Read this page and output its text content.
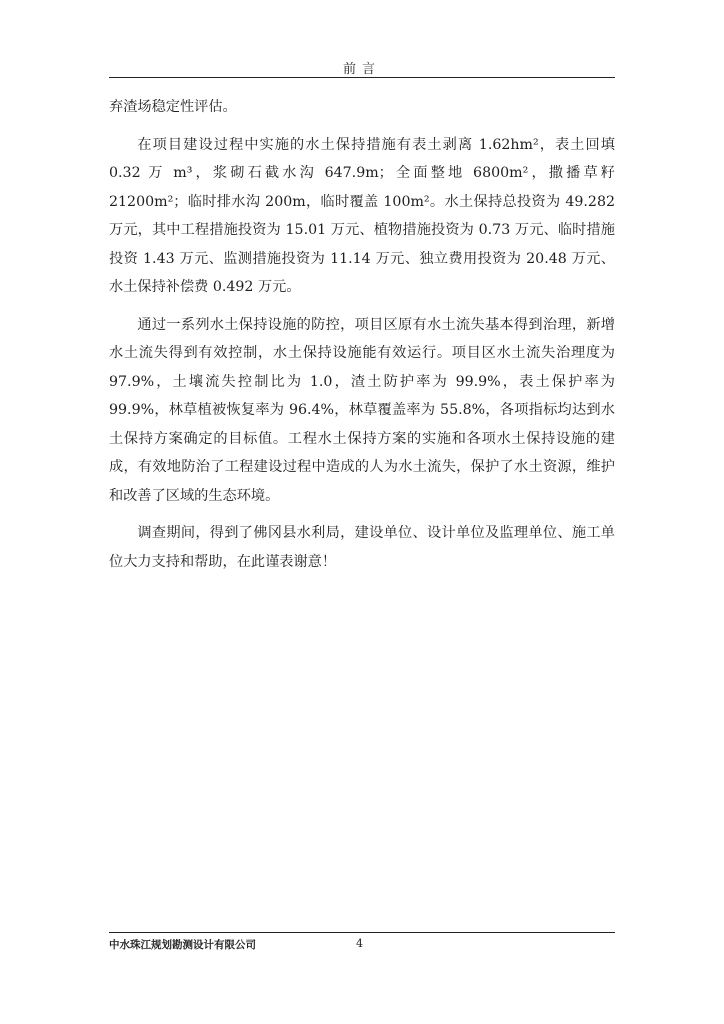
前言

弃渣场稳定性评估。

在项目建设过程中实施的水土保持措施有表土剥离 1.62hm²，表土回填 0.32 万 m³，浆砌石截水沟 647.9m；全面整地 6800m²，撒播草籽 21200m²；临时排水沟 200m，临时覆盖 100m²。水土保持总投资为 49.282 万元，其中工程措施投资为 15.01 万元、植物措施投资为 0.73 万元、临时措施投资 1.43 万元、监测措施投资为 11.14 万元、独立费用投资为 20.48 万元、水土保持补偿费 0.492 万元。

通过一系列水土保持设施的防控，项目区原有水土流失基本得到治理，新增水土流失得到有效控制，水土保持设施能有效运行。项目区水土流失治理度为 97.9%，土壤流失控制比为 1.0，渣土防护率为 99.9%，表土保护率为 99.9%，林草植被恢复率为 96.4%，林草覆盖率为 55.8%，各项指标均达到水土保持方案确定的目标值。工程水土保持方案的实施和各项水土保持设施的建成，有效地防治了工程建设过程中造成的人为水土流失，保护了水土资源，维护和改善了区域的生态环境。

调查期间，得到了佛冈县水利局，建设单位、设计单位及监理单位、施工单位大力支持和帮助，在此谨表谢意！

中水珠江规划勘测设计有限公司	4
